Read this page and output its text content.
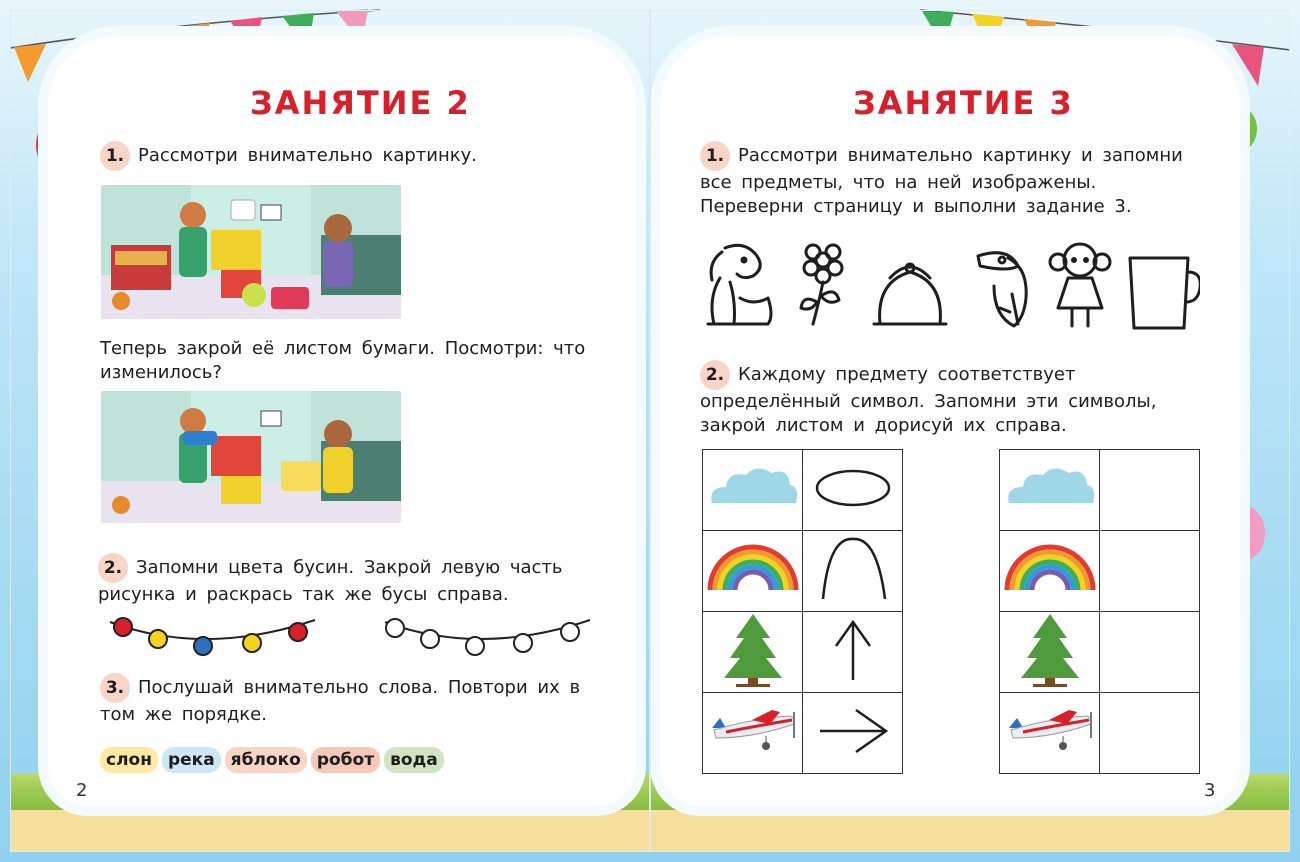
ЗАНЯТИЕ 2
1. Рассмотри внимательно картинку.
Теперь закрой её листом бумаги. Посмотри: что изменилось?
2. Запомни цвета бусин. Закрой левую часть рисунка и раскрась так же бусы справа.
3. Послушай внимательно слова. Повтори их в том же порядке.
слон река яблоко робот вода
2
ЗАНЯТИЕ 3
1. Рассмотри внимательно картинку и запомни все предметы, что на ней изображены. Переверни страницу и выполни задание 3.
2. Каждому предмету соответствует определённый символ. Запомни эти символы, закрой листом и дорисуй их справа.

3
